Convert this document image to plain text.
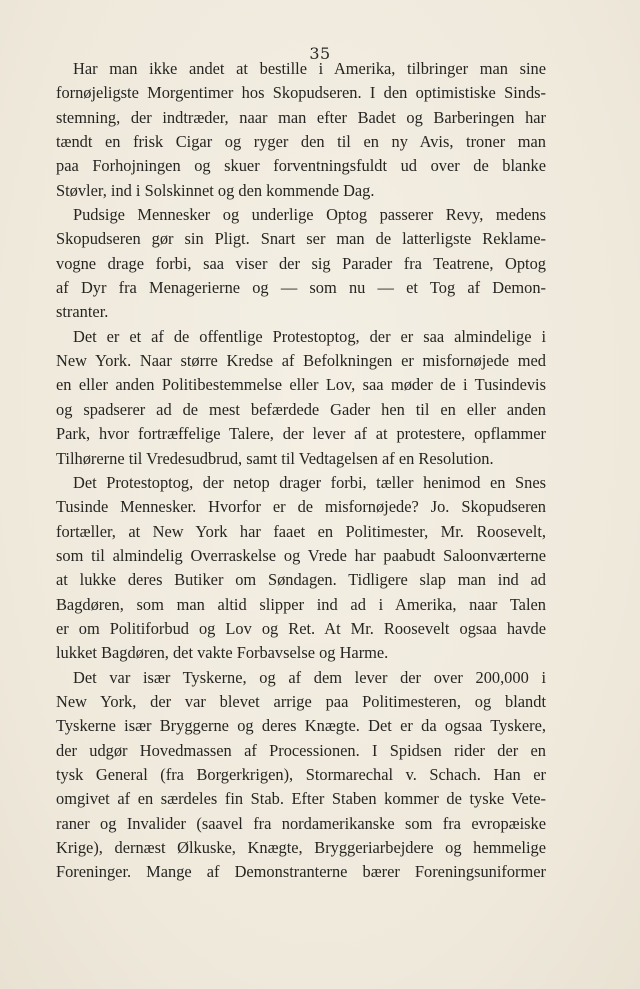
35
Har man ikke andet at bestille i Amerika, tilbringer man sine
fornøjeligste Morgentimer hos Skopudseren. I den optimistiske Sinds-
stemning, der indtræder, naar man efter Badet og Barberingen har
tændt en frisk Cigar og ryger den til en ny Avis, troner man
paa Forhojningen og skuer forventningsfuldt ud over de blanke
Støvler, ind i Solskinnet og den kommende Dag.
Pudsige Mennesker og underlige Optog passerer Revy, medens
Skopudseren gør sin Pligt. Snart ser man de latterligste Reklame-
vogne drage forbi, saa viser der sig Parader fra Teatrene, Optog
af Dyr fra Menagerierne og — som nu — et Tog af Demon-
stranter.
Det er et af de offentlige Protestoptog, der er saa almindelige i
New York. Naar større Kredse af Befolkningen er misfornøjede med
en eller anden Politibestemmelse eller Lov, saa møder de i Tusindevis
og spadserer ad de mest befærdede Gader hen til en eller anden
Park, hvor fortræffelige Talere, der lever af at protestere, opflammer
Tilhørerne til Vredesudbrud, samt til Vedtagelsen af en Resolution.
Det Protestoptog, der netop drager forbi, tæller henimod en Snes
Tusinde Mennesker. Hvorfor er de misfornøjede? Jo. Skopudseren
fortæller, at New York har faaet en Politimester, Mr. Roosevelt,
som til almindelig Overraskelse og Vrede har paabudt Saloonværterne
at lukke deres Butiker om Søndagen. Tidligere slap man ind ad
Bagdøren, som man altid slipper ind ad i Amerika, naar Talen
er om Politiforbud og Lov og Ret. At Mr. Roosevelt ogsaa havde
lukket Bagdøren, det vakte Forbavselse og Harme.
Det var især Tyskerne, og af dem lever der over 200,000 i
New York, der var blevet arrige paa Politimesteren, og blandt
Tyskerne især Bryggerne og deres Knægte. Det er da ogsaa Tyskere,
der udgør Hovedmassen af Processionen. I Spidsen rider der en
tysk General (fra Borgerkrigen), Stormarechal v. Schach. Han er
omgivet af en særdeles fin Stab. Efter Staben kommer de tyske Vete-
raner og Invalider (saavel fra nordamerikanske som fra evropæiske
Krige), dernæst Ølkuske, Knægte, Bryggeriarbejdere og hemmelige
Foreninger. Mange af Demonstranterne bærer Foreningsuniformer
